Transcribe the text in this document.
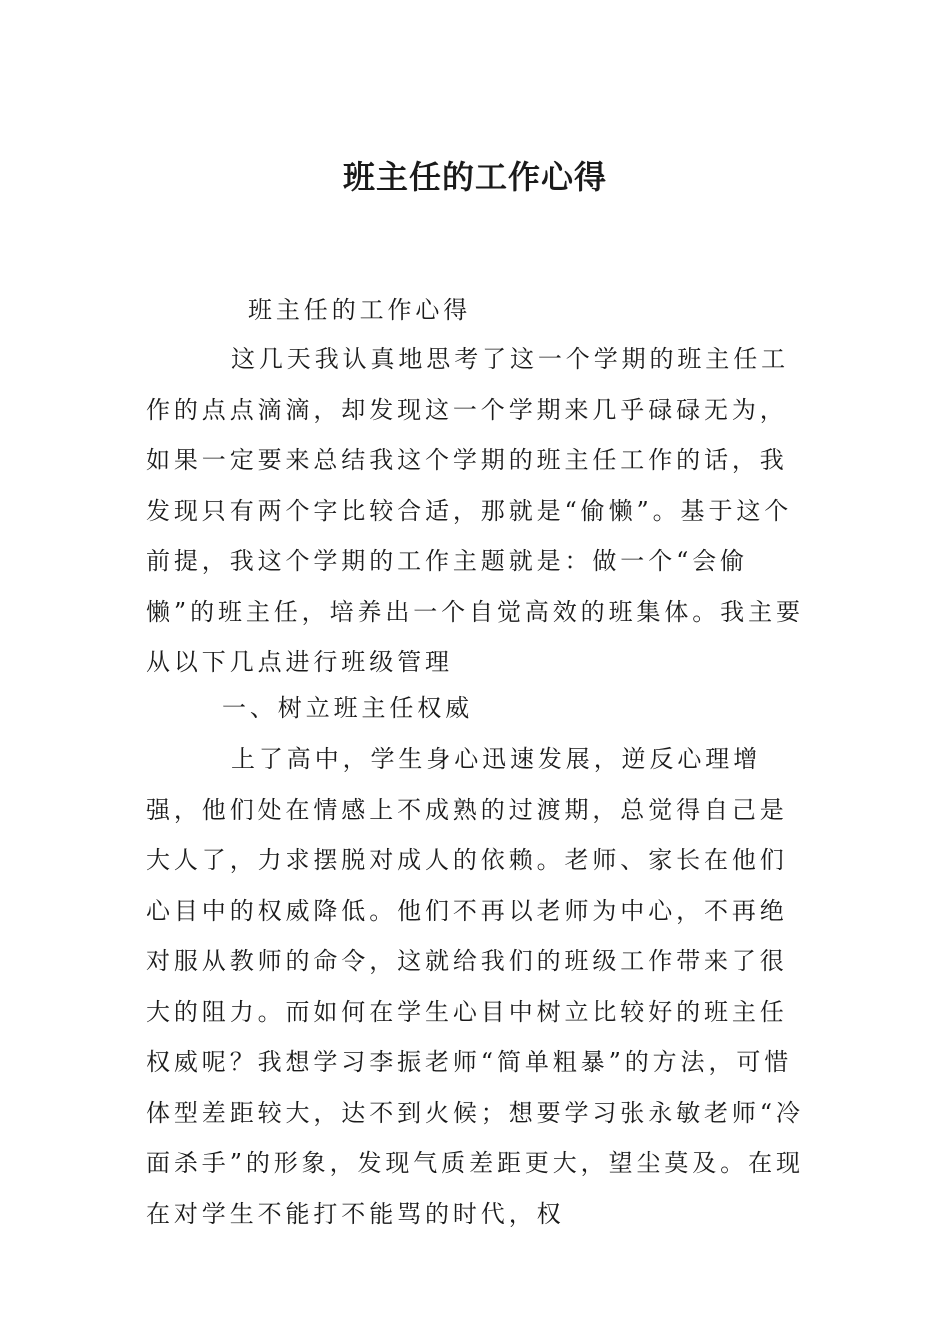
班主任的工作心得

班主任的工作心得

这几天我认真地思考了这一个学期的班主任工作的点点滴滴，却发现这一个学期来几乎碌碌无为，如果一定要来总结我这个学期的班主任工作的话，我发现只有两个字比较合适，那就是“偷懒”。基于这个前提，我这个学期的工作主题就是：做一个“会偷懒”的班主任，培养出一个自觉高效的班集体。我主要从以下几点进行班级管理

一、树立班主任权威

上了高中，学生身心迅速发展，逆反心理增强，他们处在情感上不成熟的过渡期，总觉得自己是大人了，力求摆脱对成人的依赖。老师、家长在他们心目中的权威降低。他们不再以老师为中心，不再绝对服从教师的命令，这就给我们的班级工作带来了很大的阻力。而如何在学生心目中树立比较好的班主任权威呢？我想学习李振老师“简单粗暴”的方法，可惜体型差距较大，达不到火候；想要学习张永敏老师“冷面杀手”的形象，发现气质差距更大，望尘莫及。在现在对学生不能打不能骂的时代，权
